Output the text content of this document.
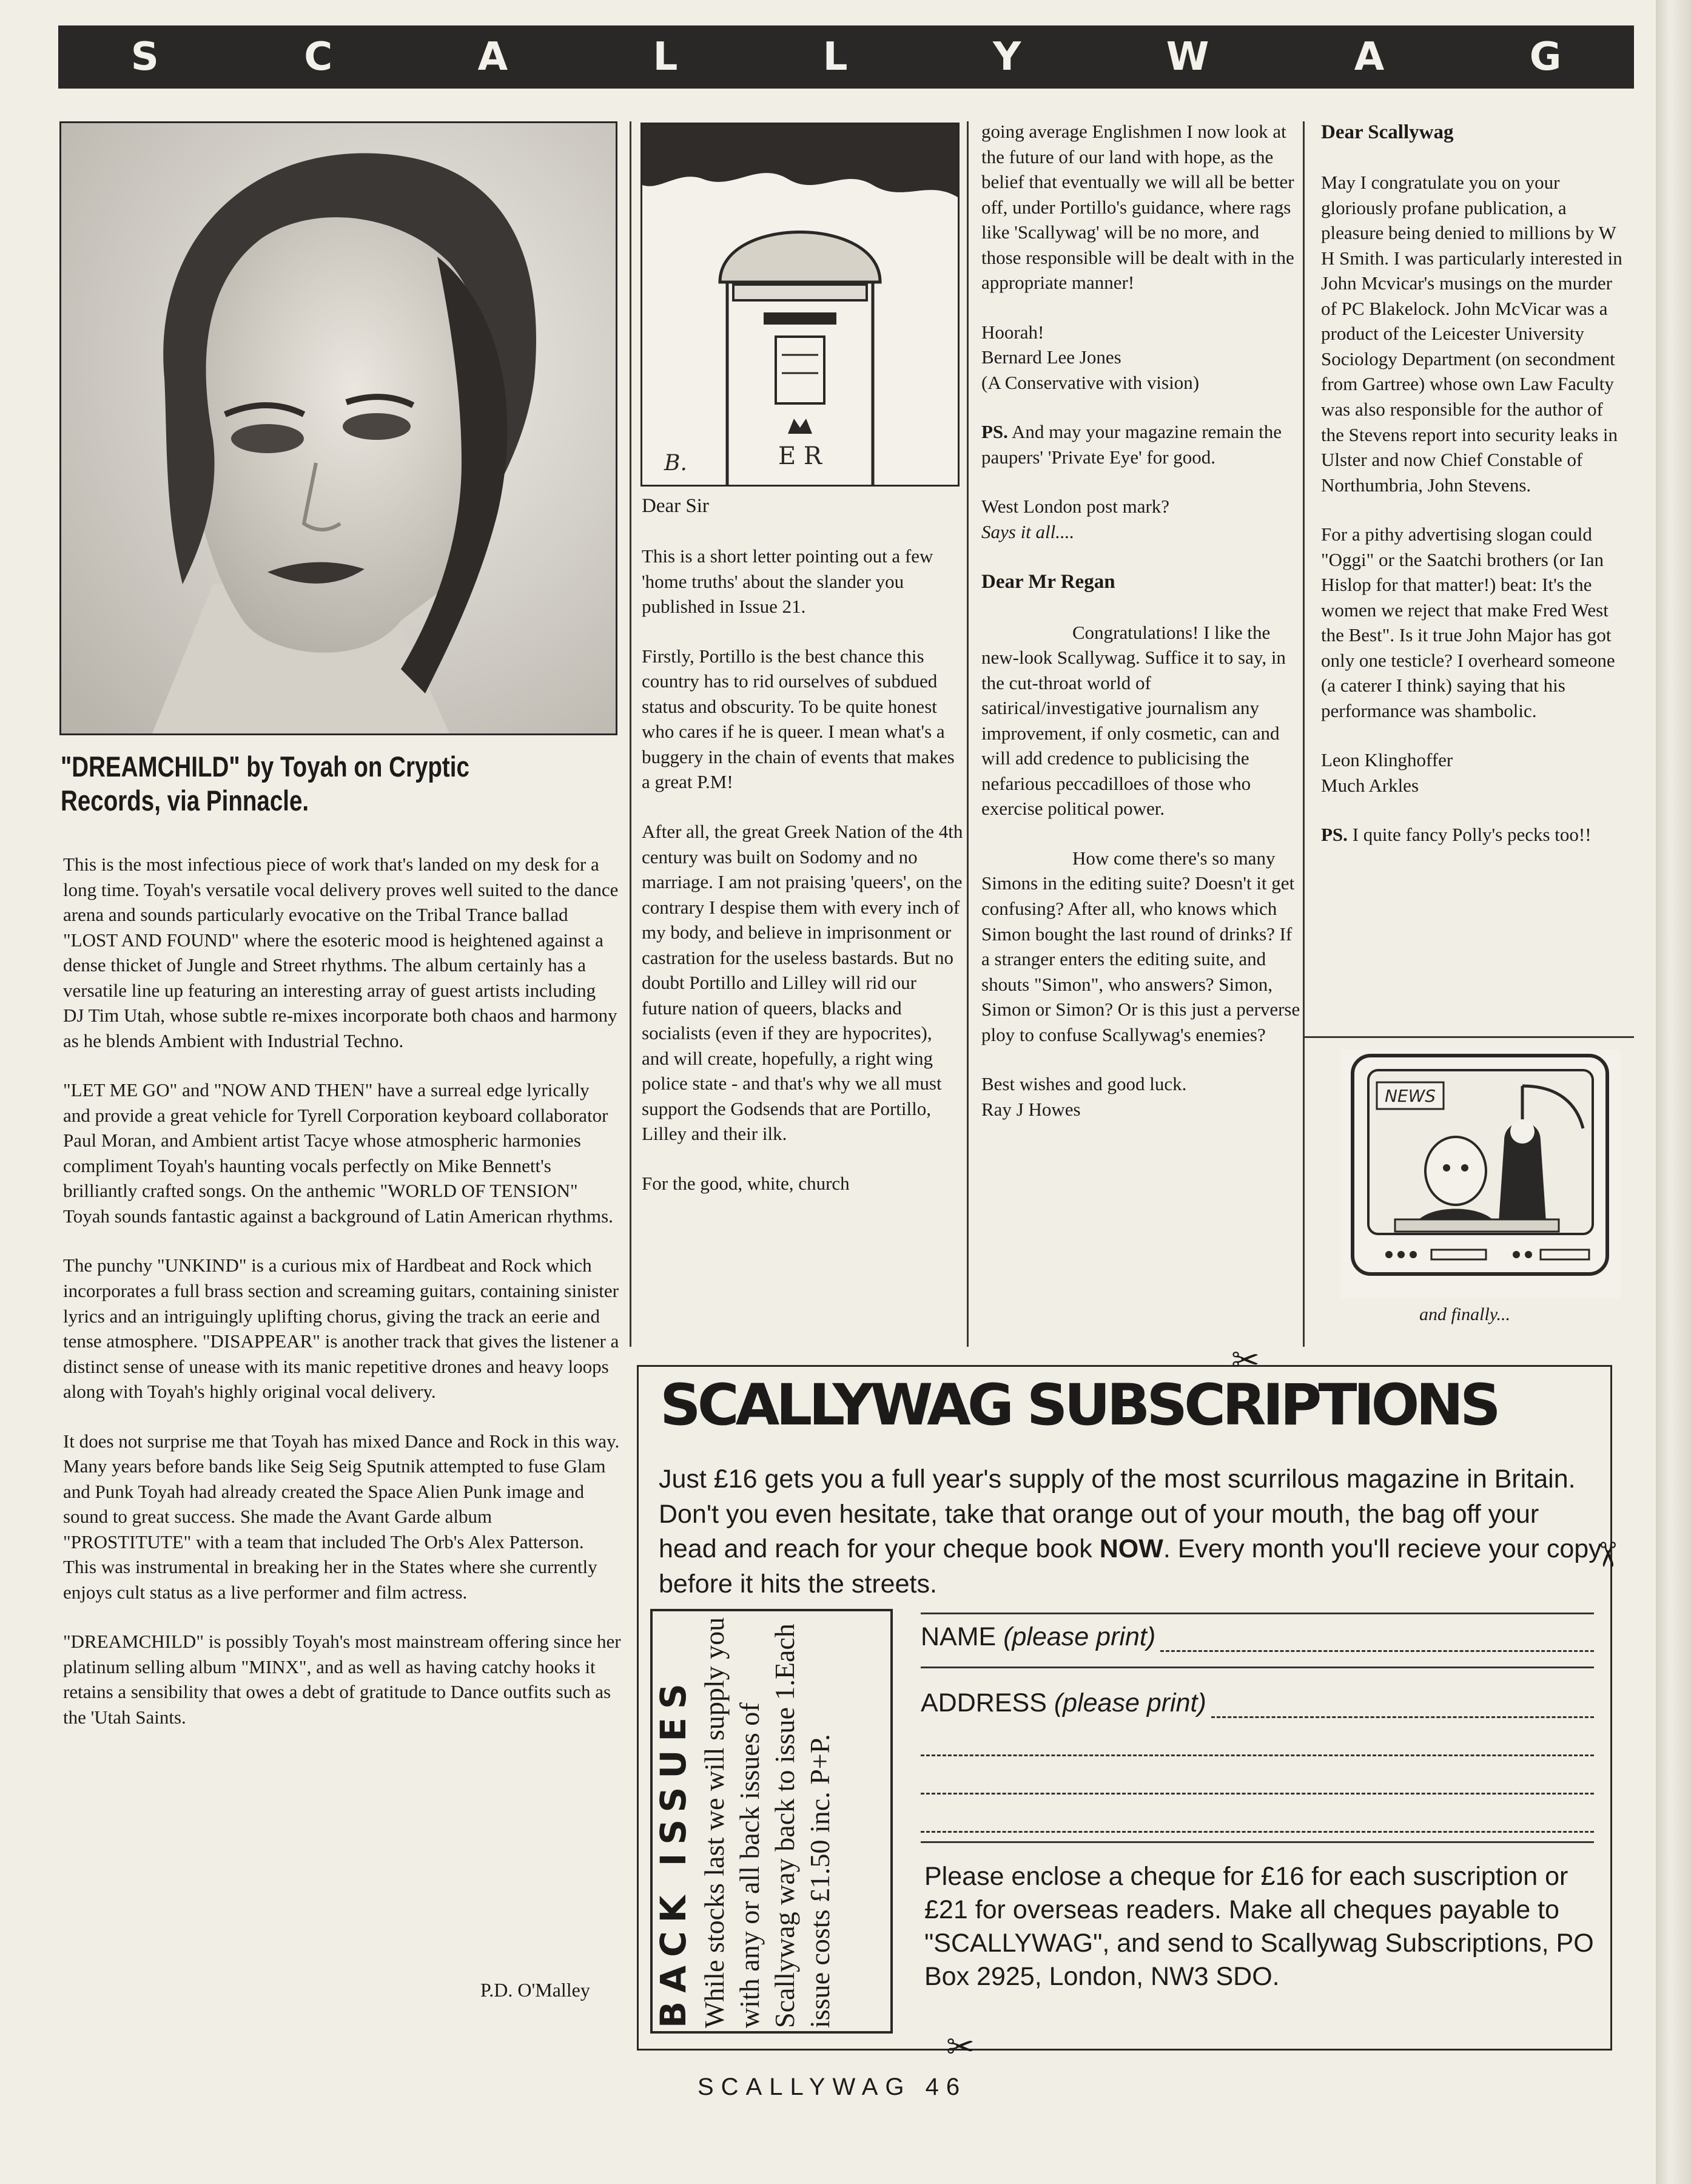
S	C	A	L	L	Y	W	A	G
"DREAMCHILD" by Toyah on Cryptic Records, via Pinnacle.

This is the most infectious piece of work that's landed on my desk for a long time. Toyah's versatile vocal delivery proves well suited to the dance arena and sounds particularly evocative on the Tribal Trance ballad "LOST AND FOUND" where the esoteric mood is heightened against a dense thicket of Jungle and Street rhythms. The album certainly has a versatile line up featuring an interesting array of guest artists including DJ Tim Utah, whose subtle re-mixes incorporate both chaos and harmony as he blends Ambient with Industrial Techno.

"LET ME GO" and "NOW AND THEN" have a surreal edge lyrically and provide a great vehicle for Tyrell Corporation keyboard collaborator Paul Moran, and Ambient artist Tacye whose atmospheric harmonies compliment Toyah's haunting vocals perfectly on Mike Bennett's brilliantly crafted songs. On the anthemic "WORLD OF TENSION" Toyah sounds fantastic against a background of Latin American rhythms.

The punchy "UNKIND" is a curious mix of Hardbeat and Rock which incorporates a full brass section and screaming guitars, containing sinister lyrics and an intriguingly uplifting chorus, giving the track an eerie and tense atmosphere. "DISAPPEAR" is another track that gives the listener a distinct sense of unease with its manic repetitive drones and heavy loops along with Toyah's highly original vocal delivery.

It does not surprise me that Toyah has mixed Dance and Rock in this way. Many years before bands like Seig Seig Sputnik attempted to fuse Glam and Punk Toyah had already created the Space Alien Punk image and sound to great success. She made the Avant Garde album "PROSTITUTE" with a team that included The Orb's Alex Patterson. This was instrumental in breaking her in the States where she currently enjoys cult status as a live performer and film actress.

"DREAMCHILD" is possibly Toyah's most mainstream offering since her platinum selling album "MINX", and as well as having catchy hooks it retains a sensibility that owes a debt of gratitude to Dance outfits such as the 'Utah Saints.

P.D. O'Malley
E R
B.
Dear Sir

This is a short letter pointing out a few 'home truths' about the slander you published in Issue 21.

Firstly, Portillo is the best chance this country has to rid ourselves of subdued status and obscurity. To be quite honest who cares if he is queer. I mean what's a buggery in the chain of events that makes a great P.M!

After all, the great Greek Nation of the 4th century was built on Sodomy and no marriage. I am not praising 'queers', on the contrary I despise them with every inch of my body, and believe in imprisonment or castration for the useless bastards. But no doubt Portillo and Lilley will rid our future nation of queers, blacks and socialists (even if they are hypocrites), and will create, hopefully, a right wing police state - and that's why we all must support the Godsends that are Portillo, Lilley and their ilk.

For the good, white, church

going average Englishmen I now look at the future of our land with hope, as the belief that eventually we will all be better off, under Portillo's guidance, where rags like 'Scallywag' will be no more, and those responsible will be dealt with in the appropriate manner!

Hoorah!
Bernard Lee Jones
(A Conservative with vision)

PS. And may your magazine remain the paupers' 'Private Eye' for good.

West London post mark?
Says it all....
Dear Mr Regan

Congratulations! I like the new-look Scallywag. Suffice it to say, in the cut-throat world of satirical/investigative journalism any improvement, if only cosmetic, can and will add credence to publicising the nefarious peccadilloes of those who exercise political power.

How come there's so many Simons in the editing suite? Doesn't it get confusing? After all, who knows which Simon bought the last round of drinks? If a stranger enters the editing suite, and shouts "Simon", who answers? Simon, Simon or Simon? Or is this just a perverse ploy to confuse Scallywag's enemies?

Best wishes and good luck.
Ray J Howes
Dear Scallywag

May I congratulate you on your gloriously profane publication, a pleasure being denied to millions by W H Smith. I was particularly interested in John Mcvicar's musings on the murder of PC Blakelock. John McVicar was a product of the Leicester University Sociology Department (on secondment from Gartree) whose own Law Faculty was also responsible for the author of the Stevens report into security leaks in Ulster and now Chief Constable of Northumbria, John Stevens.

For a pithy advertising slogan could "Oggi" or the Saatchi brothers (or Ian Hislop for that matter!) beat: It's the women we reject that make Fred West the Best". Is it true John Major has got only one testicle? I overheard someone (a caterer I think) saying that his performance was shambolic.

Leon Klinghoffer
Much Arkles

PS. I quite fancy Polly's pecks too!!

NEWS
and finally...
✂
✂
✂
SCALLYWAG SUBSCRIPTIONS
Just £16 gets you a full year's supply of the most scurrilous magazine in Britain. Don't you even hesitate, take that orange out of your mouth, the bag off your head and reach for your cheque book NOW. Every month you'll recieve your copy before it hits the streets.
BACK ISSUES While stocks last we will supply you with any or all back issues of Scallywag way back to issue 1.Each issue costs £1.50 inc. P+P.
NAME
(please print)
ADDRESS
(please print)
Please enclose a cheque for £16 for each suscription or £21 for overseas readers. Make all cheques payable to "SCALLYWAG", and send to Scallywag Subscriptions, PO Box 2925, London, NW3 SDO.
SCALLYWAG 46
